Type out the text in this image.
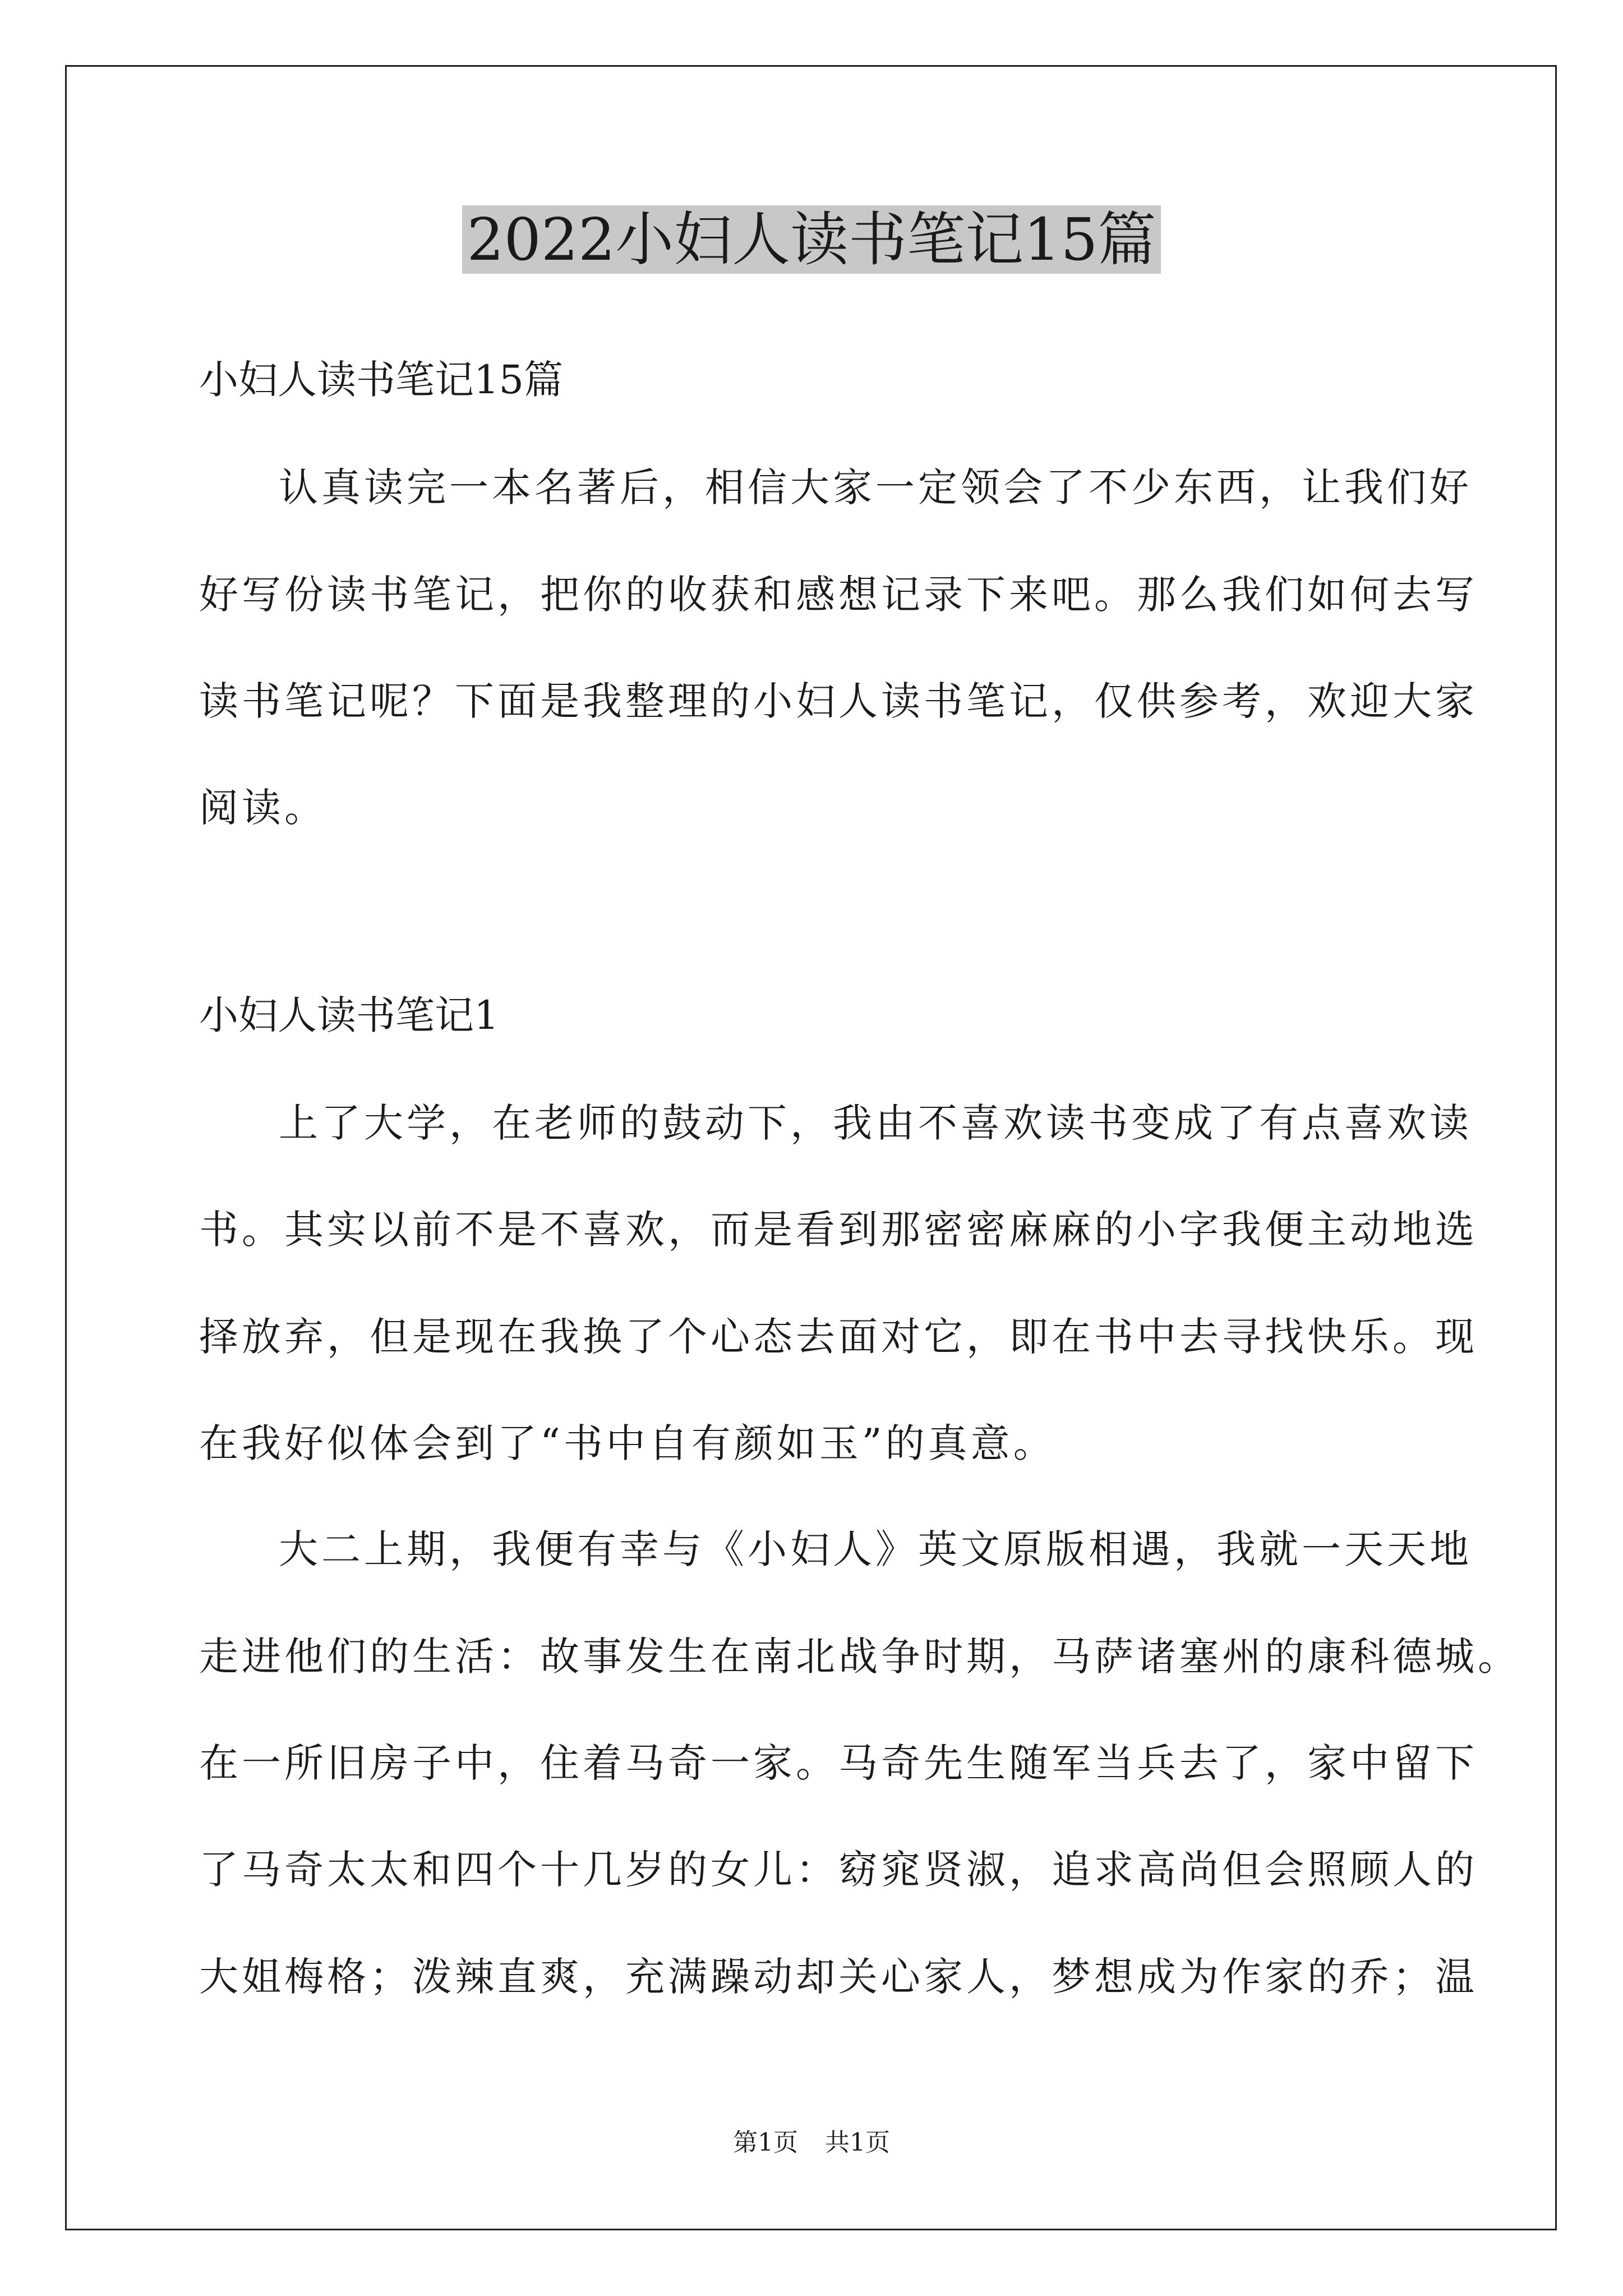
2022小妇人读书笔记15篇
小妇人读书笔记15篇
认真读完一本名著后，相信大家一定领会了不少东西，让我们好
好写份读书笔记，把你的收获和感想记录下来吧。那么我们如何去写
读书笔记呢？下面是我整理的小妇人读书笔记，仅供参考，欢迎大家
阅读。
小妇人读书笔记1
上了大学，在老师的鼓动下，我由不喜欢读书变成了有点喜欢读
书。其实以前不是不喜欢，而是看到那密密麻麻的小字我便主动地选
择放弃，但是现在我换了个心态去面对它，即在书中去寻找快乐。现
在我好似体会到了“书中自有颜如玉”的真意。
大二上期，我便有幸与《小妇人》英文原版相遇，我就一天天地
走进他们的生活：故事发生在南北战争时期，马萨诸塞州的康科德城。
在一所旧房子中，住着马奇一家。马奇先生随军当兵去了，家中留下
了马奇太太和四个十几岁的女儿：窈窕贤淑，追求高尚但会照顾人的
大姐梅格；泼辣直爽，充满躁动却关心家人，梦想成为作家的乔；温
第1页 共1页
